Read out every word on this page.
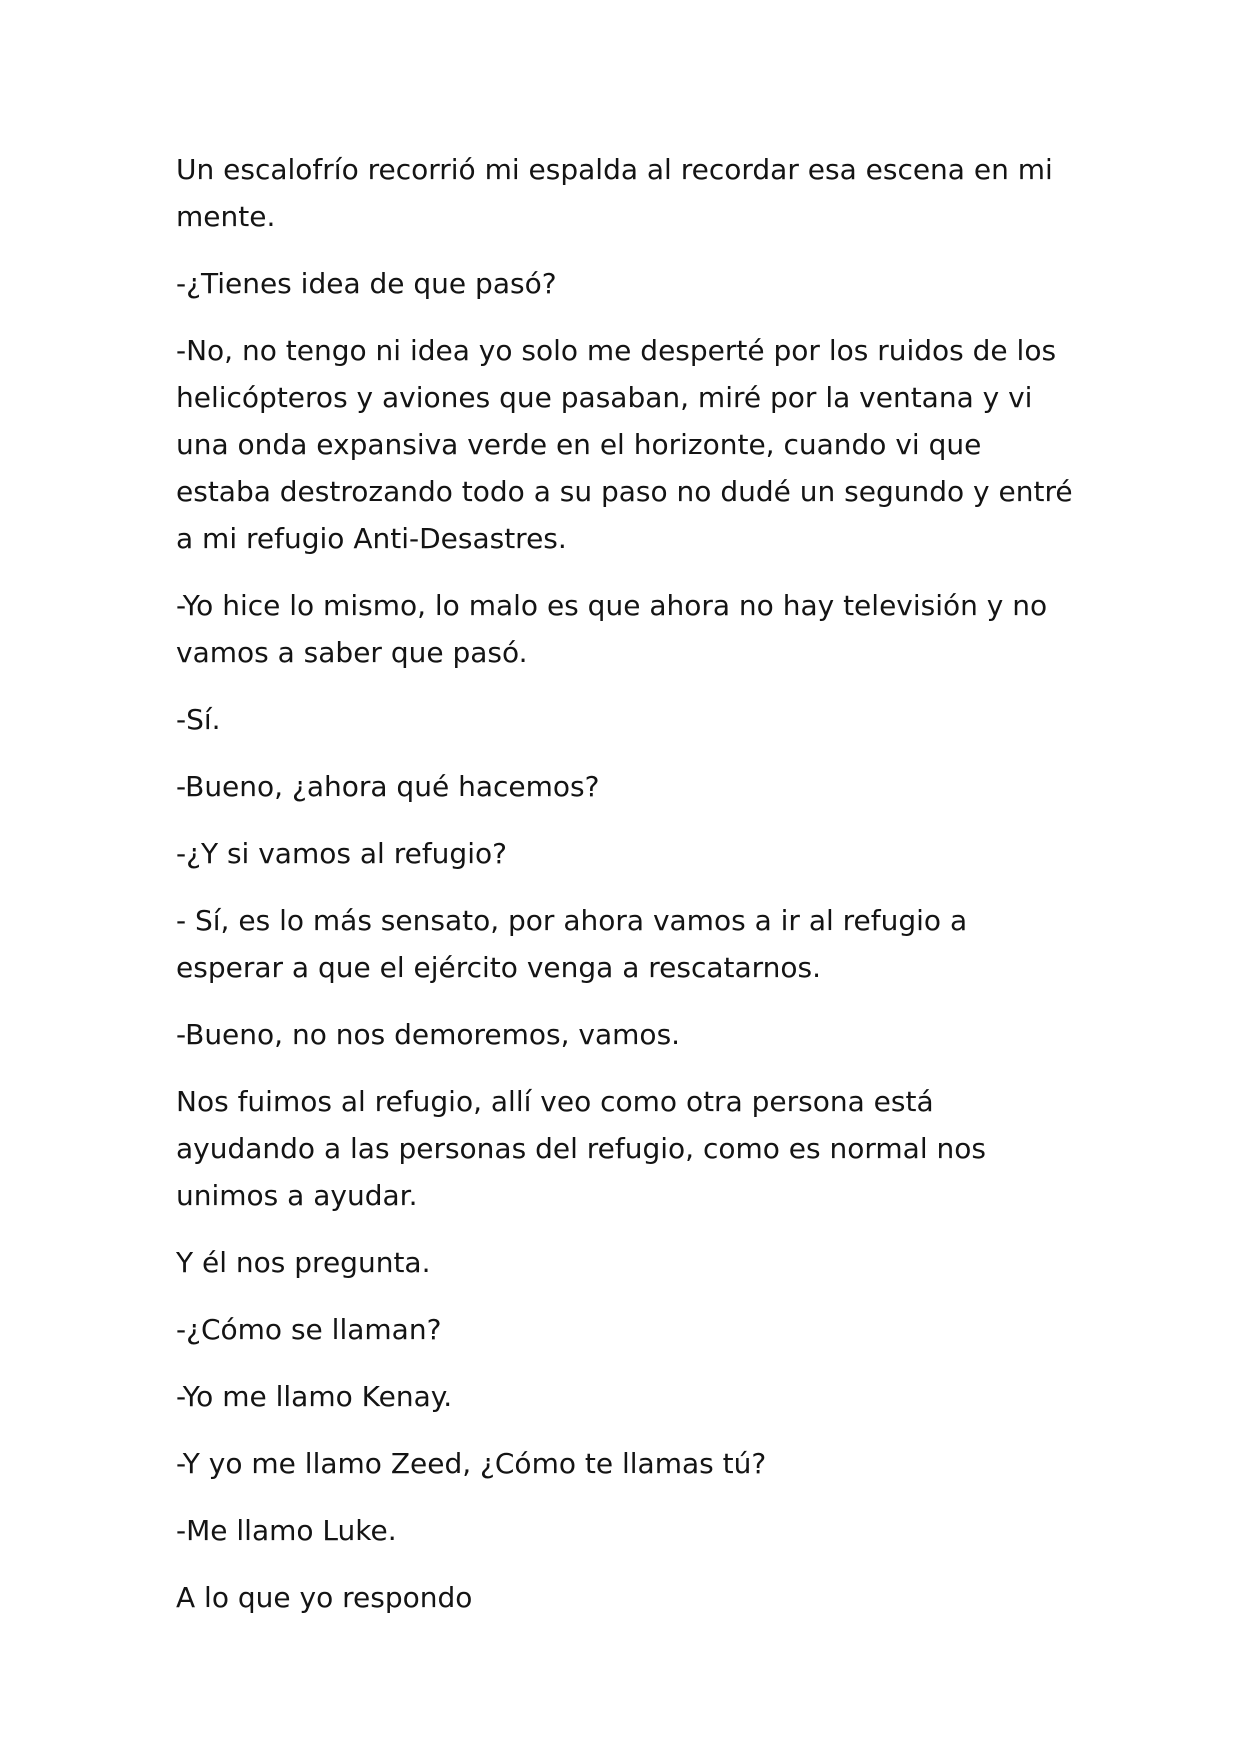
Un escalofrío recorrió mi espalda al recordar esa escena en mi mente.

-¿Tienes idea de que pasó?

-No, no tengo ni idea yo solo me desperté por los ruidos de los helicópteros y aviones que pasaban, miré por la ventana y vi una onda expansiva verde en el horizonte, cuando vi que estaba destrozando todo a su paso no dudé un segundo y entré a mi refugio Anti-Desastres.

-Yo hice lo mismo, lo malo es que ahora no hay televisión y no vamos a saber que pasó.

-Sí.

-Bueno, ¿ahora qué hacemos?

-¿Y si vamos al refugio?

- Sí, es lo más sensato, por ahora vamos a ir al refugio a esperar a que el ejército venga a rescatarnos.

-Bueno, no nos demoremos, vamos.

Nos fuimos al refugio, allí veo como otra persona está ayudando a las personas del refugio, como es normal nos unimos a ayudar.

Y él nos pregunta.

-¿Cómo se llaman?

-Yo me llamo Kenay.

-Y yo me llamo Zeed, ¿Cómo te llamas tú?

-Me llamo Luke.

A lo que yo respondo
